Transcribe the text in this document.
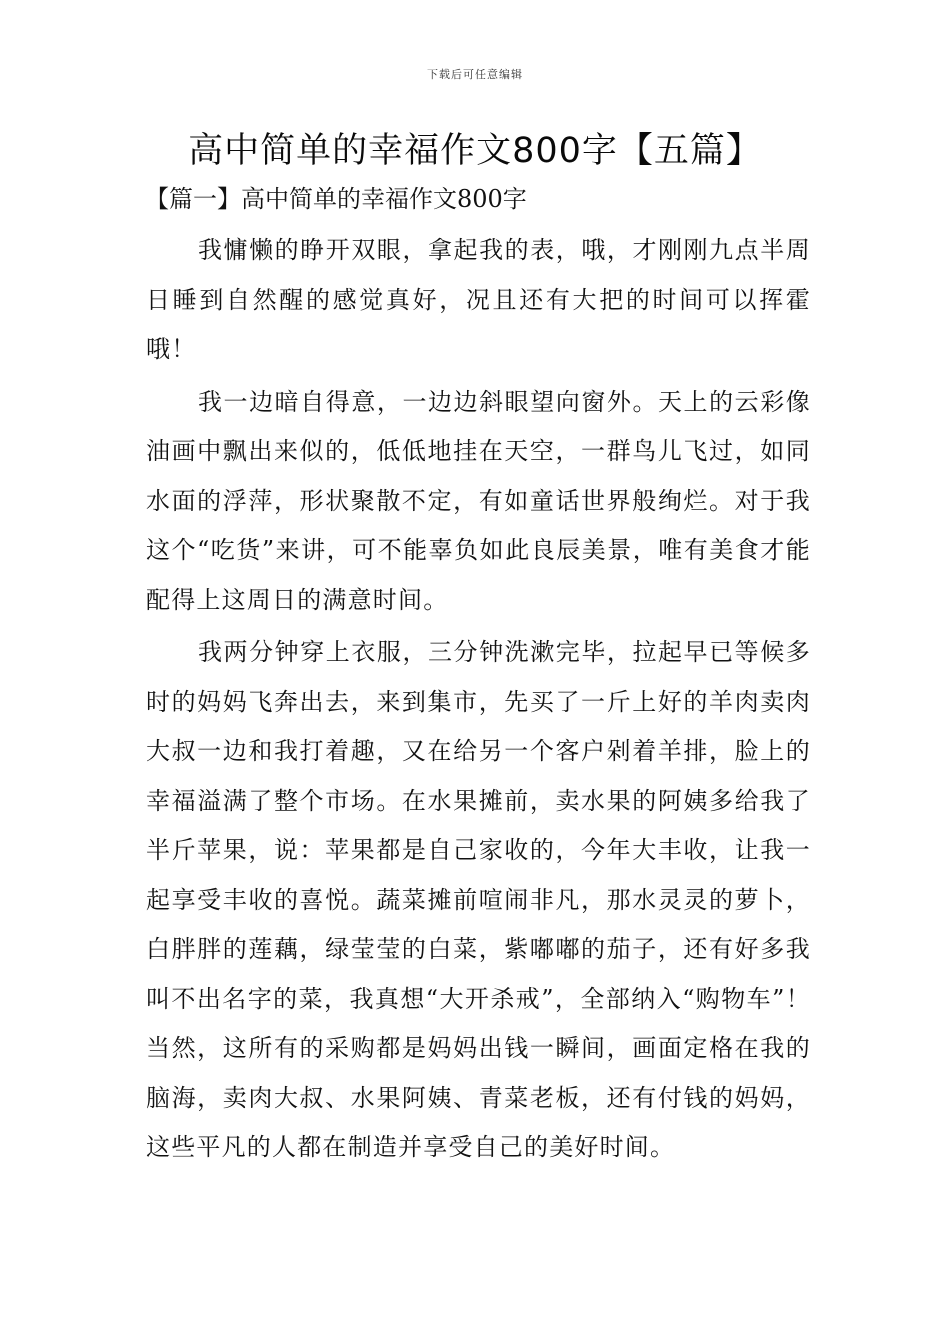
下载后可任意编辑
高中简单的幸福作文800字【五篇】
【篇一】高中简单的幸福作文800字

我慵懒的睁开双眼，拿起我的表，哦，才刚刚九点半周日睡到自然醒的感觉真好，况且还有大把的时间可以挥霍哦！

我一边暗自得意，一边边斜眼望向窗外。天上的云彩像油画中飘出来似的，低低地挂在天空，一群鸟儿飞过，如同水面的浮萍，形状聚散不定，有如童话世界般绚烂。对于我这个“吃货”来讲，可不能辜负如此良辰美景，唯有美食才能配得上这周日的满意时间。

我两分钟穿上衣服，三分钟洗漱完毕，拉起早已等候多时的妈妈飞奔出去，来到集市，先买了一斤上好的羊肉卖肉大叔一边和我打着趣，又在给另一个客户剁着羊排，脸上的幸福溢满了整个市场。在水果摊前，卖水果的阿姨多给我了半斤苹果，说：苹果都是自己家收的，今年大丰收，让我一起享受丰收的喜悦。蔬菜摊前喧闹非凡，那水灵灵的萝卜，白胖胖的莲藕，绿莹莹的白菜，紫嘟嘟的茄子，还有好多我叫不出名字的菜，我真想“大开杀戒”，全部纳入“购物车”！当然，这所有的采购都是妈妈出钱一瞬间，画面定格在我的脑海，卖肉大叔、水果阿姨、青菜老板，还有付钱的妈妈，这些平凡的人都在制造并享受自己的美好时间。
